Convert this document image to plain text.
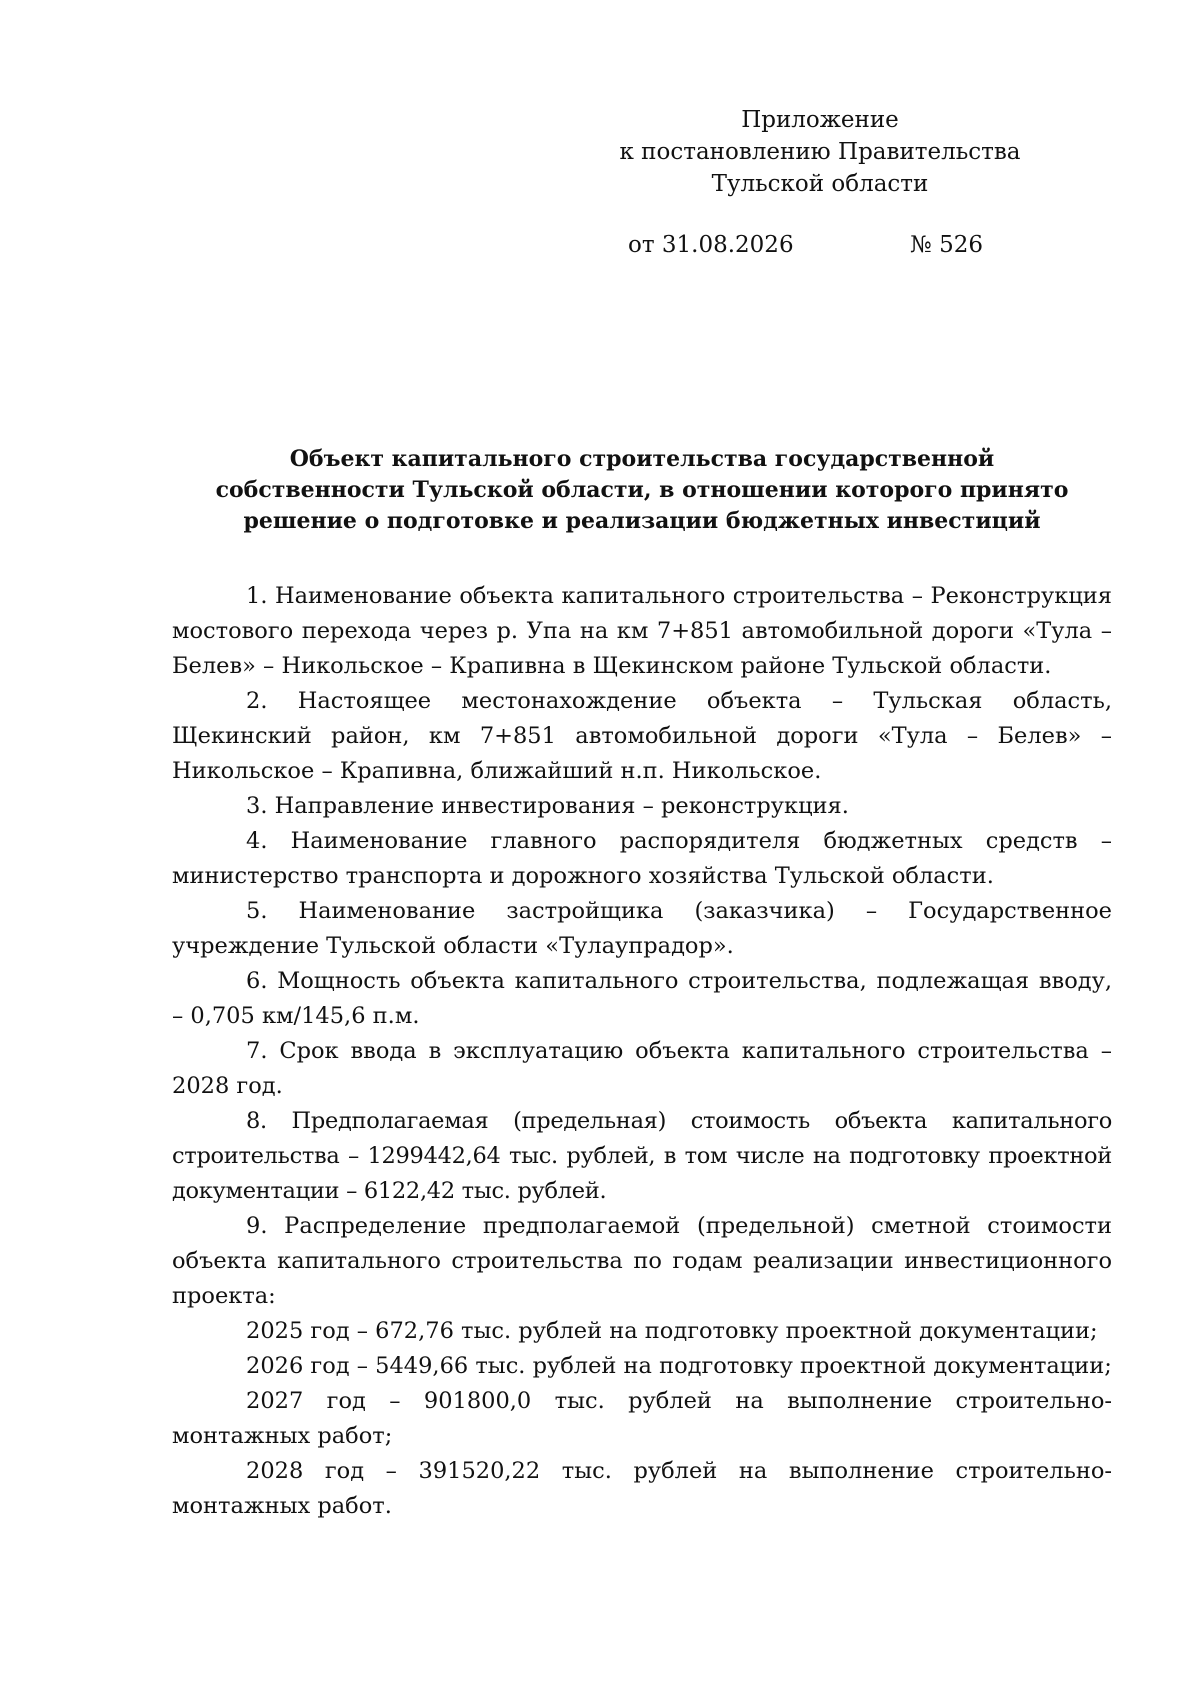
Приложение
к постановлению Правительства
Тульской области
от 31.08.2026	№ 526
Объект капитального строительства государственной
собственности Тульской области, в отношении которого принято
решение о подготовке и реализации бюджетных инвестиций

1. Наименование объекта капитального строительства – Реконструкция мостового перехода через р. Упа на км 7+851 автомобильной дороги «Тула – Белев» – Никольское – Крапивна в Щекинском районе Тульской области.

2. Настоящее местонахождение объекта – Тульская область, Щекинский район, км 7+851 автомобильной дороги «Тула – Белев» – Никольское – Крапивна, ближайший н.п. Никольское.

3. Направление инвестирования – реконструкция.

4. Наименование главного распорядителя бюджетных средств – министерство транспорта и дорожного хозяйства Тульской области.

5. Наименование застройщика (заказчика) – Государственное учреждение Тульской области «Тулаупрадор».

6. Мощность объекта капитального строительства, подлежащая вводу, – 0,705 км/145,6 п.м.

7. Срок ввода в эксплуатацию объекта капитального строительства – 2028 год.

8. Предполагаемая (предельная) стоимость объекта капитального строительства – 1299442,64 тыс. рублей, в том числе на подготовку проектной документации – 6122,42 тыс. рублей.

9. Распределение предполагаемой (предельной) сметной стоимости объекта капитального строительства по годам реализации инвестиционного проекта:

2025 год – 672,76 тыс. рублей на подготовку проектной документации;

2026 год – 5449,66 тыс. рублей на подготовку проектной документации;

2027 год – 901800,0 тыс. рублей на выполнение строительно-монтажных работ;

2028 год – 391520,22 тыс. рублей на выполнение строительно-монтажных работ.
